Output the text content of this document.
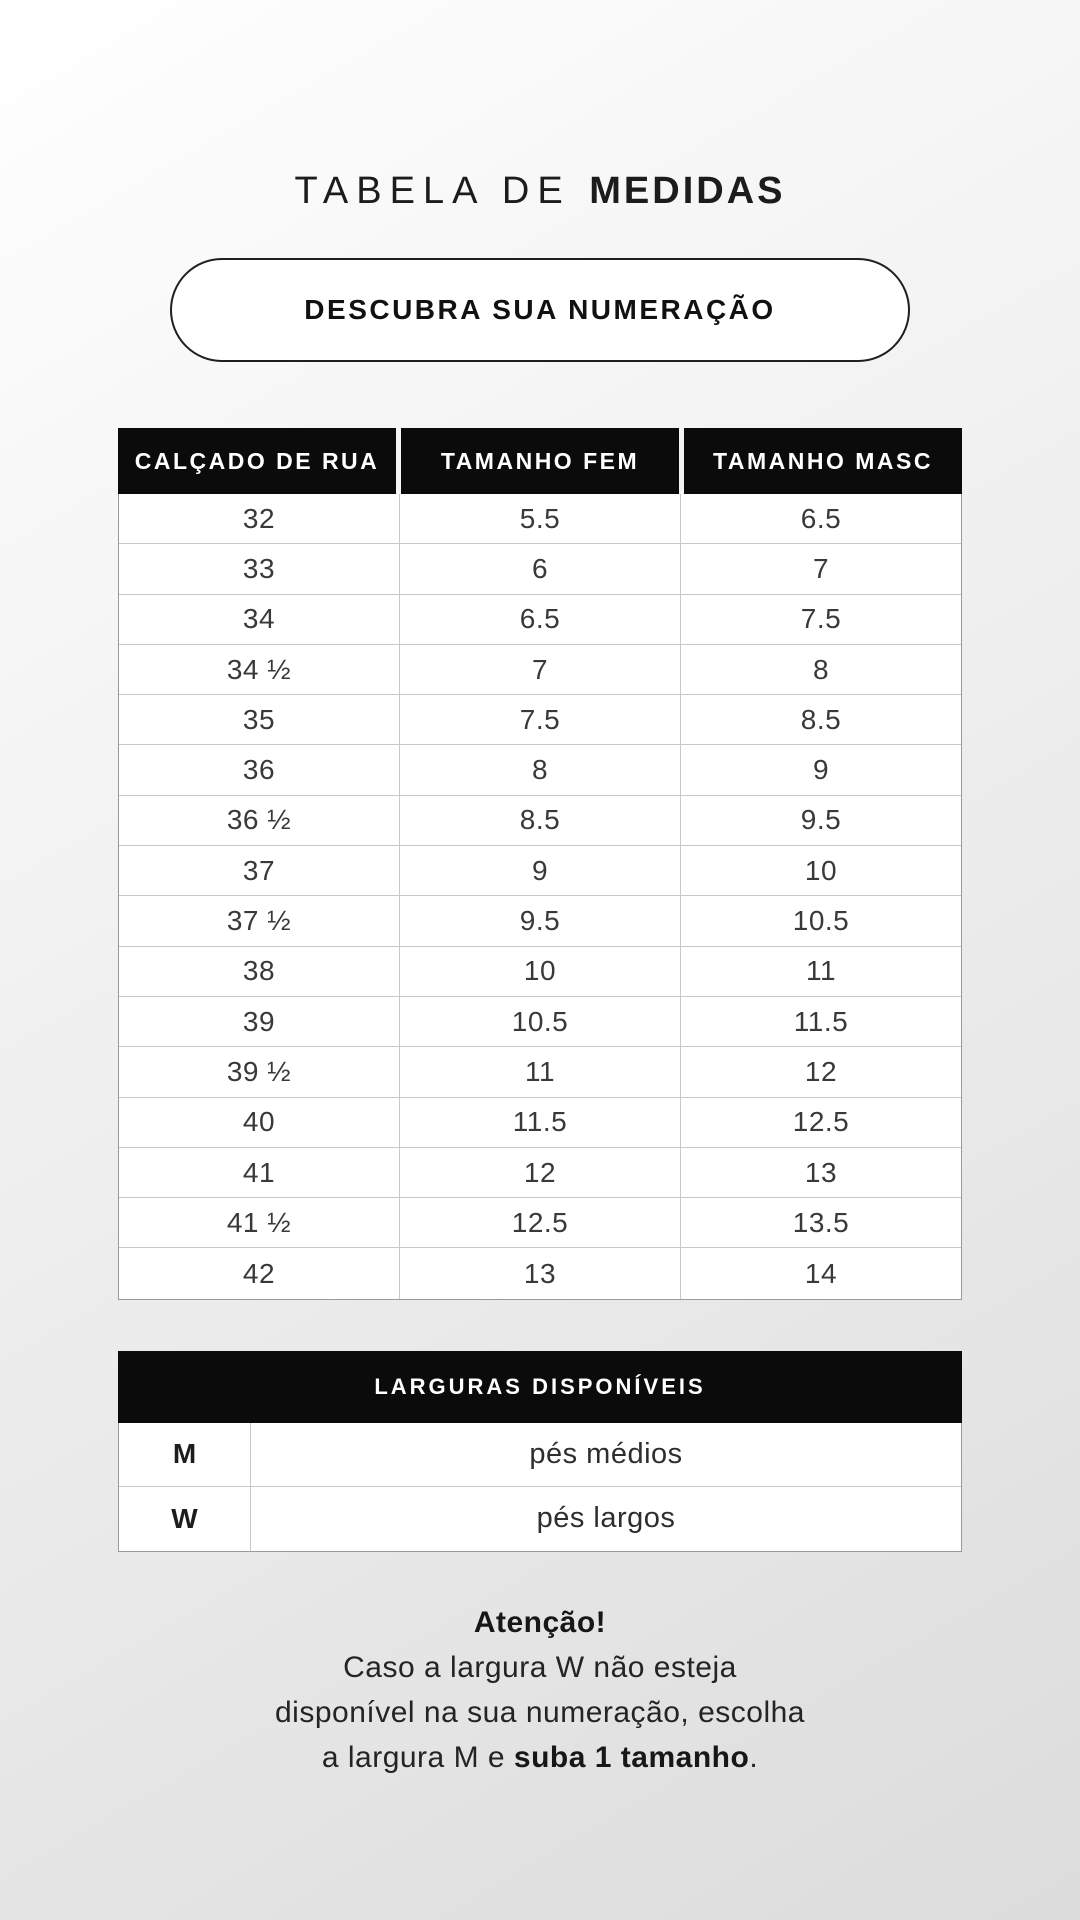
TABELA DE MEDIDAS
DESCUBRA SUA NUMERAÇÃO
CALÇADO DE RUA	TAMANHO FEM	TAMANHO MASC
32	5.5	6.5
33	6	7
34	6.5	7.5
34 ½	7	8
35	7.5	8.5
36	8	9
36 ½	8.5	9.5
37	9	10
37 ½	9.5	10.5
38	10	11
39	10.5	11.5
39 ½	11	12
40	11.5	12.5
41	12	13
41 ½	12.5	13.5
42	13	14
LARGURAS DISPONÍVEIS
M	pés médios
W	pés largos
Atenção!
Caso a largura W não esteja
disponível na sua numeração, escolha
a largura M e suba 1 tamanho.
